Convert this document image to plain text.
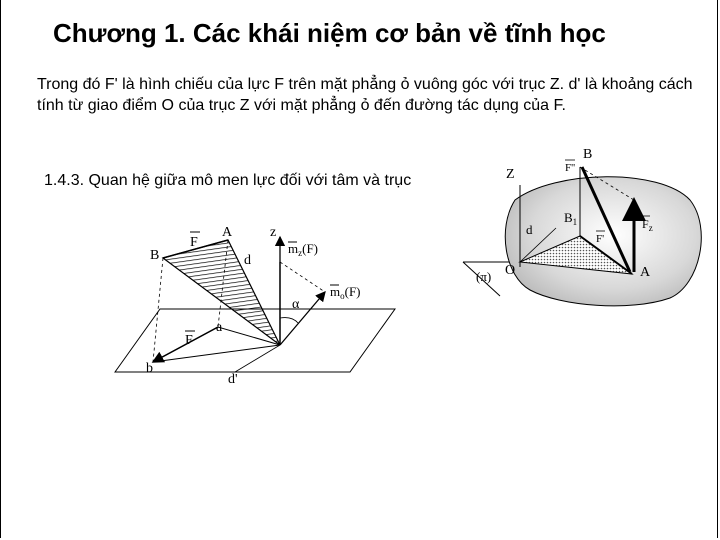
Chương 1. Các khái niệm cơ bản về tĩnh học
Trong đó F' là hình chiếu của lực F trên mặt phẳng ỏ vuông góc với trục Z. d' là khoảng cách tính từ giao điểm O của trục Z với mặt phẳng ỏ đến đường tác dụng của F.
1.4.3. Quan hệ giữa mô men lực đối với tâm và trục
B
A
F
d
z
$m_z(F)$
$m_o(F)$
α
a
F
b
d'
Z
B
F''
$B_1$
d	$F_z$
F'
(π) O	A
